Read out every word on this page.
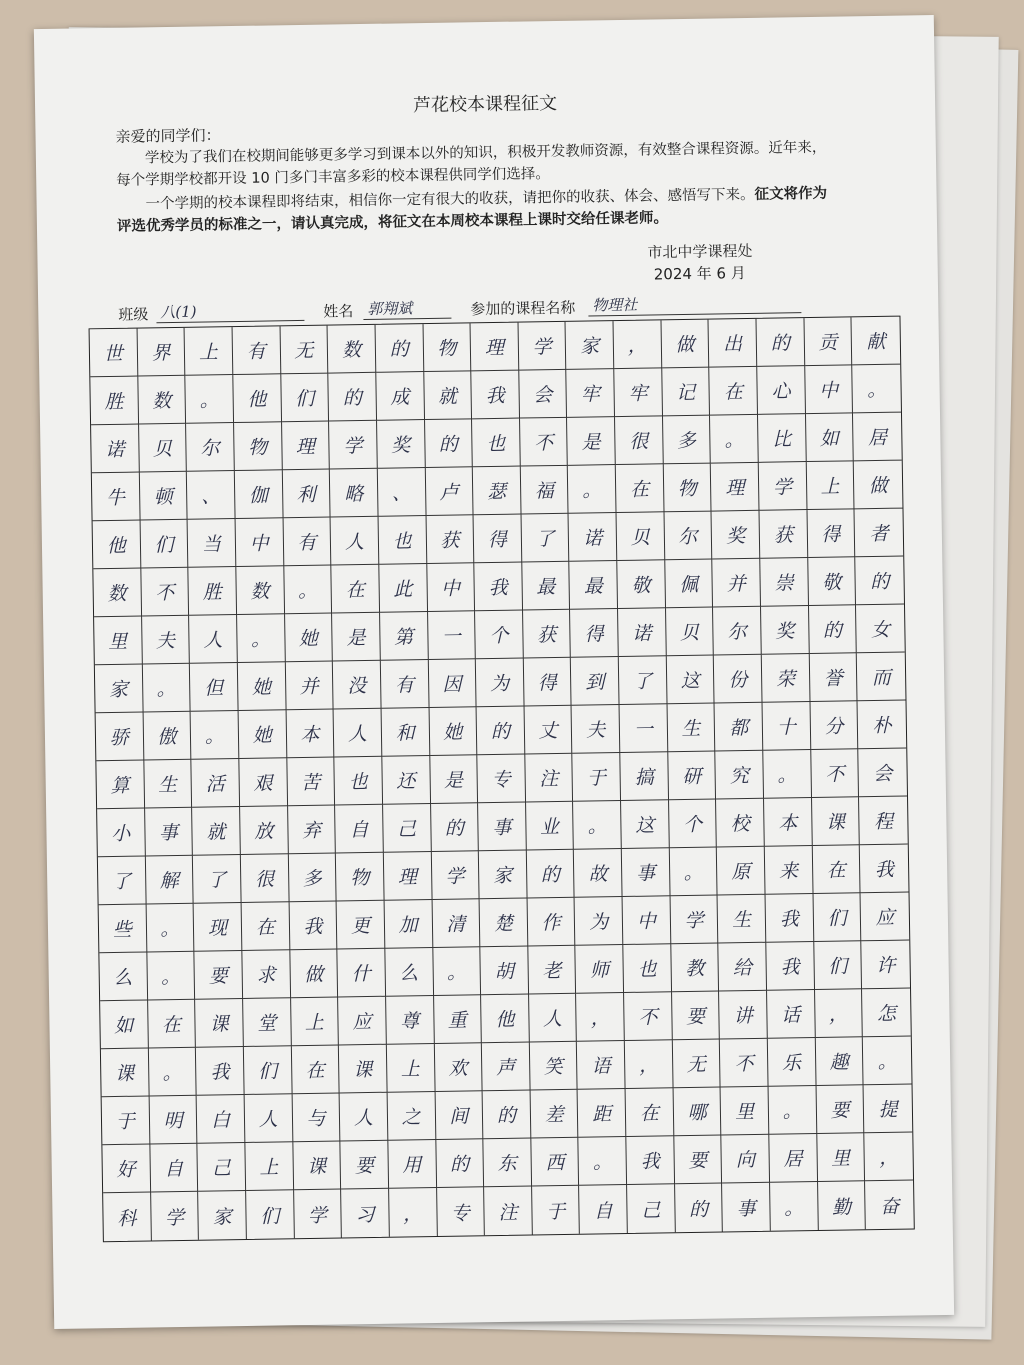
芦花校本课程征文
亲爱的同学们：

学校为了我们在校期间能够更多学习到课本以外的知识，积极开发教师资源，有效整合课程资源。近年来，每个学期学校都开设 10 门多门丰富多彩的校本课程供同学们选择。

一个学期的校本课程即将结束，相信你一定有很大的收获，请把你的收获、体会、感悟写下来。征文将作为评选优秀学员的标准之一，请认真完成，将征文在本周校本课程上课时交给任课老师。

市北中学课程处
2024 年 6 月
班级 八(1)	姓名 郭翔斌	参加的课程名称 物理社
世	界	上	有	无	数	的	物	理	学	家	，	做	出	的	贡	献
胜	数	。	他	们	的	成	就	我	会	牢	牢	记	在	心	中	。
诺	贝	尔	物	理	学	奖	的	也	不	是	很	多	。	比	如	居
牛	顿	、	伽	利	略	、	卢	瑟	福	。	在	物	理	学	上	做
他	们	当	中	有	人	也	获	得	了	诺	贝	尔	奖	获	得	者
数	不	胜	数	。	在	此	中	我	最	最	敬	佩	并	崇	敬	的
里	夫	人	。	她	是	第	一	个	获	得	诺	贝	尔	奖	的	女
家	。	但	她	并	没	有	因	为	得	到	了	这	份	荣	誉	而
骄	傲	。	她	本	人	和	她	的	丈	夫	一	生	都	十	分	朴
算	生	活	艰	苦	也	还	是	专	注	于	搞	研	究	。	不	会
小	事	就	放	弃	自	己	的	事	业	。	这	个	校	本	课	程
了	解	了	很	多	物	理	学	家	的	故	事	。	原	来	在	我
些	。	现	在	我	更	加	清	楚	作	为	中	学	生	我	们	应
么	。	要	求	做	什	么	。	胡	老	师	也	教	给	我	们	许
如	在	课	堂	上	应	尊	重	他	人	，	不	要	讲	话	，	怎
课	。	我	们	在	课	上	欢	声	笑	语	，	无	不	乐	趣	。
于	明	白	人	与	人	之	间	的	差	距	在	哪	里	。	要	提
好	自	己	上	课	要	用	的	东	西	。	我	要	向	居	里	，
科	学	家	们	学	习	，	专	注	于	自	己	的	事	。	勤	奋
